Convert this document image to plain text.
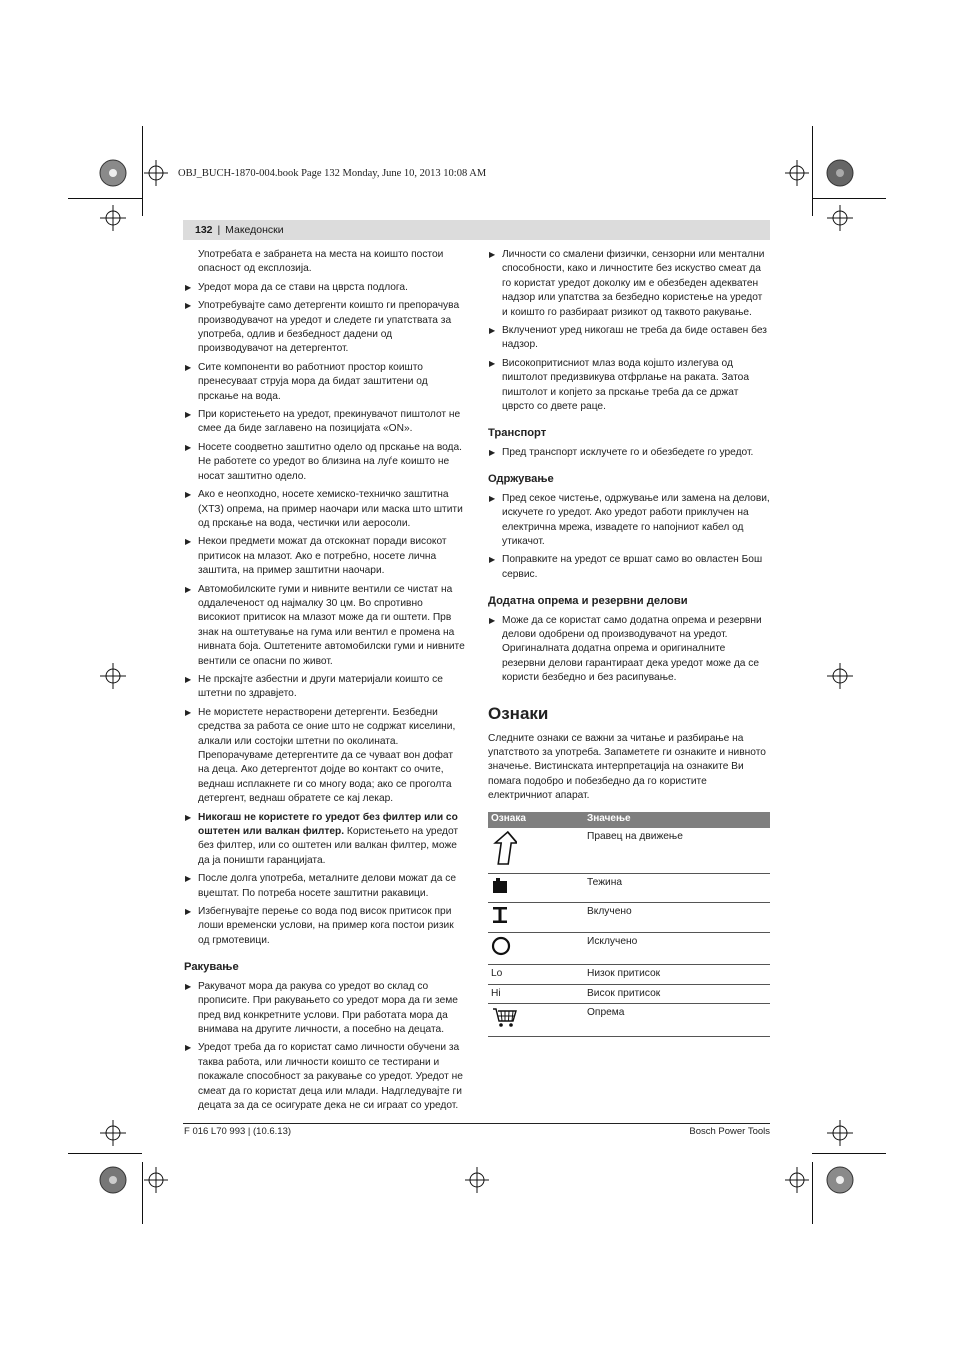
OBJ_BUCH-1870-004.book Page 132 Monday, June 10, 2013 10:08 AM
132 | Македонски

Употребата е забранета на места на коишто постои опасност од експлозија.

▶ Уредот мора да се стави на цврста подлога.
▶ Употребувајте само детергенти коишто ги препорачува производувачот на уредот и следете ги упатствата за употреба, одлив и безбедност дадени од производувачот на детергентот.
▶ Сите компоненти во работниот простор коишто пренесуваат струја мора да бидат заштитени од прскање на вода.
▶ При користењето на уредот, прекинувачот пиштолот не смее да биде заглавено на позицијата «ON».
▶ Носете соодветно заштитно одело од прскање на вода. Не работете со уредот во близина на луѓе коишто не носат заштитно одело.
▶ Ако е неопходно, носете хемиско-техничко заштитна (ХТЗ) опрема, на пример наочари или маска што штити од прскање на вода, честички или аеросоли.
▶ Некои предмети можат да отскокнат поради високот притисок на млазот. Ако е потребно, носете лична заштита, на пример заштитни наочари.
▶ Автомобилските гуми и нивните вентили се чистат на оддалеченост од најмалку 30 цм. Во спротивно високиот притисок на млазот може да ги оштети. Прв знак на оштетување на гума или вентил е промена на нивната боја. Оштетените автомобилски гуми и нивните вентили се опасни по живот.
▶ Не прскајте азбестни и други материјали коишто се штетни по здравјето.
▶ Не мористете нерастворени детергенти. Безбедни средства за работа се оние што не содржат киселини, алкали или состојки штетни по околината. Препорачуваме детергентите да се чуваат вон дофат на деца. Ако детергентот дојде во контакт со очите, веднаш исплакнете ги со многу вода; ако се проголта детергент, веднаш обратете се кај лекар.
▶ Никогаш не користете го уредот без филтер или со оштетен или валкан филтер. Користењето на уредот без филтер, или со оштетен или валкан филтер, може да ја поништи гаранцијата.
▶ После долга употреба, металните делови можат да се вџештат. По потреба носете заштитни ракавици.
▶ Избегнувајте перење со вода под висок притисок при лоши временски услови, на пример кога постои ризик од грмотевици.

Ракување

▶ Ракувачот мора да ракува со уредот во склад со прописите. При ракувањето со уредот мора да ги земе пред вид конкретните услови. При работата мора да внимава на другите личности, а посебно на децата.
▶ Уредот треба да го користат само личности обучени за таква работа, или личности коишто се тестирани и покажале способност за ракување со уредот. Уредот не смеат да го користат деца или млади. Надгледувајте ги децата за да се осигурате дека не си играат со уредот.
▶ Личности со смалени физички, сензорни или ментални способности, како и личностите без искуство смеат да го користат уредот доколку им е обезбеден адекватен надзор или упатства за безбедно користење на уредот и коишто го разбираат ризикот од таквото ракување.
▶ Вклучениот уред никогаш не треба да биде оставен без надзор.
▶ Високопритисниот млаз вода којшто излегува од пиштолот предизвикува отфрлање на раката. Затоа пиштолот и копјето за прскање треба да се држат цврсто со двете раце.

Транспорт

▶ Пред транспорт исклучете го и обезбедете го уредот.

Одржување

▶ Пред секое чистење, одржување или замена на делови, искучете го уредот. Ако уредот работи приклучен на електрична мрежа, извадете го напојниот кабел од утикачот.
▶ Поправките на уредот се вршат само во овластен Бош сервис.

Додатна опрема и резервни делови

▶ Може да се користат само додатна опрема и резервни делови одобрени од производувачот на уредот. Оригиналната додатна опрема и оригиналните резервни делови гарантираат дека уредот може да се користи безбедно и без расипување.

Ознаки

Следните ознаки се важни за читање и разбирање на упатството за употреба. Запаметете ги ознаките и нивното значење. Вистинската интерпретација на ознаките Ви помага подобро и побезбедно да го користите електричниот апарат.

Ознака	Значење
	Правец на движење
	Тежина
	Вклучено
	Исклучено
Lo	Низок притисок
Hi	Висок притисок
	Опрема
F 016 L70 993 | (10.6.13)	Bosch Power Tools
